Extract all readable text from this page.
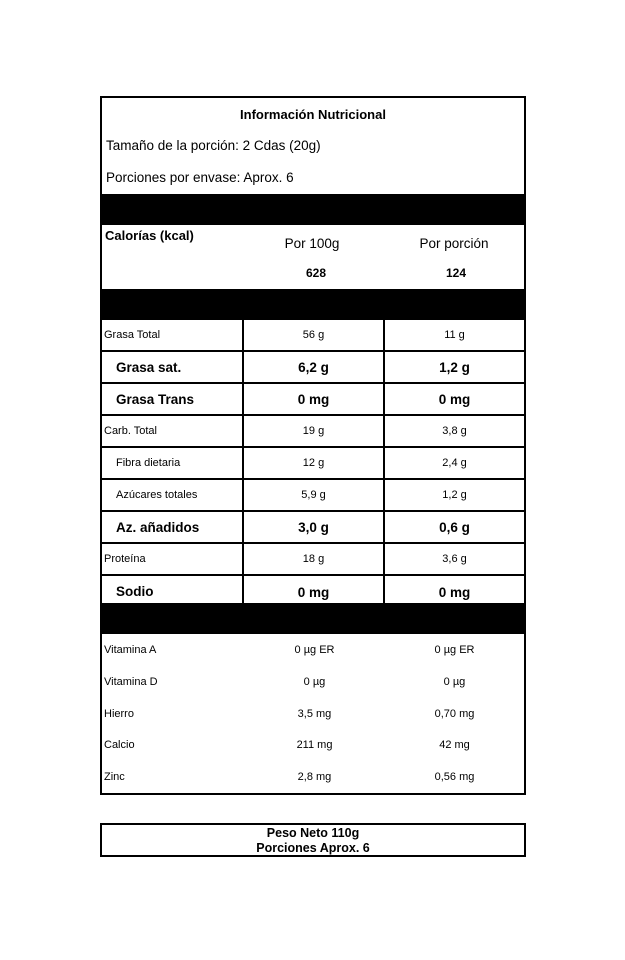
Información Nutricional
Tamaño de la porción: 2 Cdas (20g)
Porciones por envase: Aprox. 6
Calorías (kcal)
Por 100g	Por porción
628	124
Grasa Total	56 g	11 g
Grasa sat.	6,2 g	1,2 g
Grasa Trans	0 mg	0 mg
Carb. Total	19 g	3,8 g
Fibra dietaria	12 g	2,4 g
Azúcares totales	5,9 g	1,2 g
Az. añadidos	3,0 g	0,6 g
Proteína	18 g	3,6 g
Sodio	0 mg	0 mg
Vitamina A	0 µg ER	0 µg ER
Vitamina D	0 µg	0 µg
Hierro	3,5 mg	0,70 mg
Calcio	211 mg	42 mg
Zinc	2,8 mg	0,56 mg
Peso Neto 110g
Porciones Aprox. 6
